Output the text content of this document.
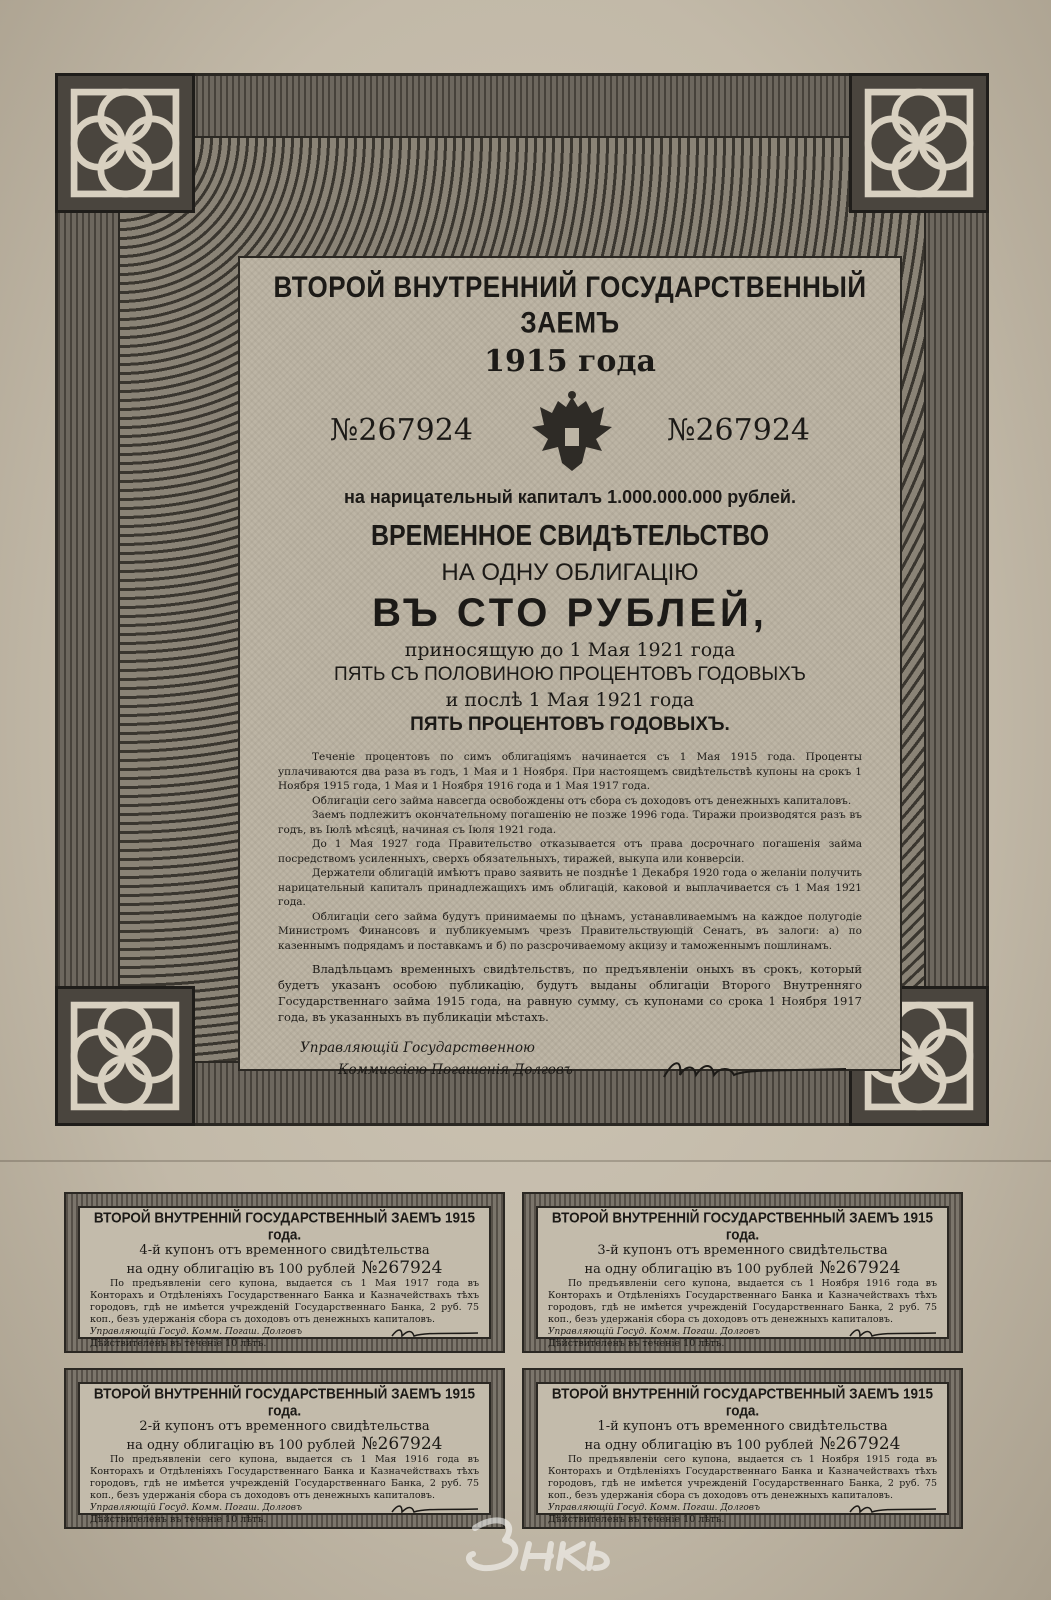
ВТОРОЙ ВНУТРЕННИЙ ГОСУДАРСТВЕННЫЙ ЗАЕМЪ
1915 года
№267924	№267924
на нарицательный капиталъ 1.000.000.000 рублей.
ВРЕМЕННОЕ СВИДѢТЕЛЬСТВО
НА ОДНУ ОБЛИГАЦІЮ
ВЪ СТО РУБЛЕЙ,
приносящую до 1 Мая 1921 года
ПЯТЬ СЪ ПОЛОВИНОЮ ПРОЦЕНТОВЪ ГОДОВЫХЪ
и послѣ 1 Мая 1921 года
ПЯТЬ ПРОЦЕНТОВЪ ГОДОВЫХЪ.

Теченіе процентовъ по симъ облигаціямъ начинается съ 1 Мая 1915 года. Проценты уплачиваются два раза въ годъ, 1 Мая и 1 Ноября. При настоящемъ свидѣтельствѣ купоны на срокъ 1 Ноября 1915 года, 1 Мая и 1 Ноября 1916 года и 1 Мая 1917 года.

Облигаціи сего займа навсегда освобождены отъ сбора съ доходовъ отъ денежныхъ капиталовъ.

Заемъ подлежитъ окончательному погашенію не позже 1996 года. Тиражи производятся разъ въ годъ, въ Іюлѣ мѣсяцѣ, начиная съ Іюля 1921 года.

До 1 Мая 1927 года Правительство отказывается отъ права досрочнаго погашенія займа посредствомъ усиленныхъ, сверхъ обязательныхъ, тиражей, выкупа или конверсіи.

Держатели облигацій имѣютъ право заявить не позднѣе 1 Декабря 1920 года о желаніи получить нарицательный капиталъ принадлежащихъ имъ облигацій, каковой и выплачивается съ 1 Мая 1921 года.

Облигаціи сего займа будутъ принимаемы по цѣнамъ, устанавливаемымъ на каждое полугодіе Министромъ Финансовъ и публикуемымъ чрезъ Правительствующій Сенатъ, въ залоги: а) по казеннымъ подрядамъ и поставкамъ и б) по разсрочиваемому акцизу и таможеннымъ пошлинамъ.

Владѣльцамъ временныхъ свидѣтельствъ, по предъявленіи оныхъ въ срокъ, который будетъ указанъ особою публикацію, будутъ выданы облигаціи Второго Внутренняго Государственнаго займа 1915 года, на равную сумму, съ купонами со срока 1 Ноября 1917 года, въ указанныхъ въ публикаціи мѣстахъ.

Управляющій Государственною
Коммиссіею Погашенія Долговъ
ВТОРОЙ ВНУТРЕННІЙ ГОСУДАРСТВЕННЫЙ ЗАЕМЪ 1915 года.
4-й купонъ отъ временного свидѣтельства
на одну облигацію въ 100 рублей №267924

По предъявленіи сего купона, выдается съ 1 Мая 1917 года въ Конторахъ и Отдѣленіяхъ Государственнаго Банка и Казначействахъ тѣхъ городовъ, гдѣ не имѣется учрежденій Государственнаго Банка, 2 руб. 75 коп., безъ удержанія сбора съ доходовъ отъ денежныхъ капиталовъ.

Управляющій Госуд. Комм. Погаш. Долговъ
Дѣйствителенъ въ теченіе 10 лѣтъ.
ВТОРОЙ ВНУТРЕННІЙ ГОСУДАРСТВЕННЫЙ ЗАЕМЪ 1915 года.
3-й купонъ отъ временного свидѣтельства
на одну облигацію въ 100 рублей №267924

По предъявленіи сего купона, выдается съ 1 Ноября 1916 года въ Конторахъ и Отдѣленіяхъ Государственнаго Банка и Казначействахъ тѣхъ городовъ, гдѣ не имѣется учрежденій Государственнаго Банка, 2 руб. 75 коп., безъ удержанія сбора съ доходовъ отъ денежныхъ капиталовъ.

Управляющій Госуд. Комм. Погаш. Долговъ
Дѣйствителенъ въ теченіе 10 лѣтъ.
ВТОРОЙ ВНУТРЕННІЙ ГОСУДАРСТВЕННЫЙ ЗАЕМЪ 1915 года.
2-й купонъ отъ временного свидѣтельства
на одну облигацію въ 100 рублей №267924

По предъявленіи сего купона, выдается съ 1 Мая 1916 года въ Конторахъ и Отдѣленіяхъ Государственнаго Банка и Казначействахъ тѣхъ городовъ, гдѣ не имѣется учрежденій Государственнаго Банка, 2 руб. 75 коп., безъ удержанія сбора съ доходовъ отъ денежныхъ капиталовъ.

Управляющій Госуд. Комм. Погаш. Долговъ
Дѣйствителенъ въ теченіе 10 лѣтъ.
ВТОРОЙ ВНУТРЕННІЙ ГОСУДАРСТВЕННЫЙ ЗАЕМЪ 1915 года.
1-й купонъ отъ временного свидѣтельства
на одну облигацію въ 100 рублей №267924

По предъявленіи сего купона, выдается съ 1 Ноября 1915 года въ Конторахъ и Отдѣленіяхъ Государственнаго Банка и Казначействахъ тѣхъ городовъ, гдѣ не имѣется учрежденій Государственнаго Банка, 2 руб. 75 коп., безъ удержанія сбора съ доходовъ отъ денежныхъ капиталовъ.

Управляющій Госуд. Комм. Погаш. Долговъ
Дѣйствителенъ въ теченіе 10 лѣтъ.
